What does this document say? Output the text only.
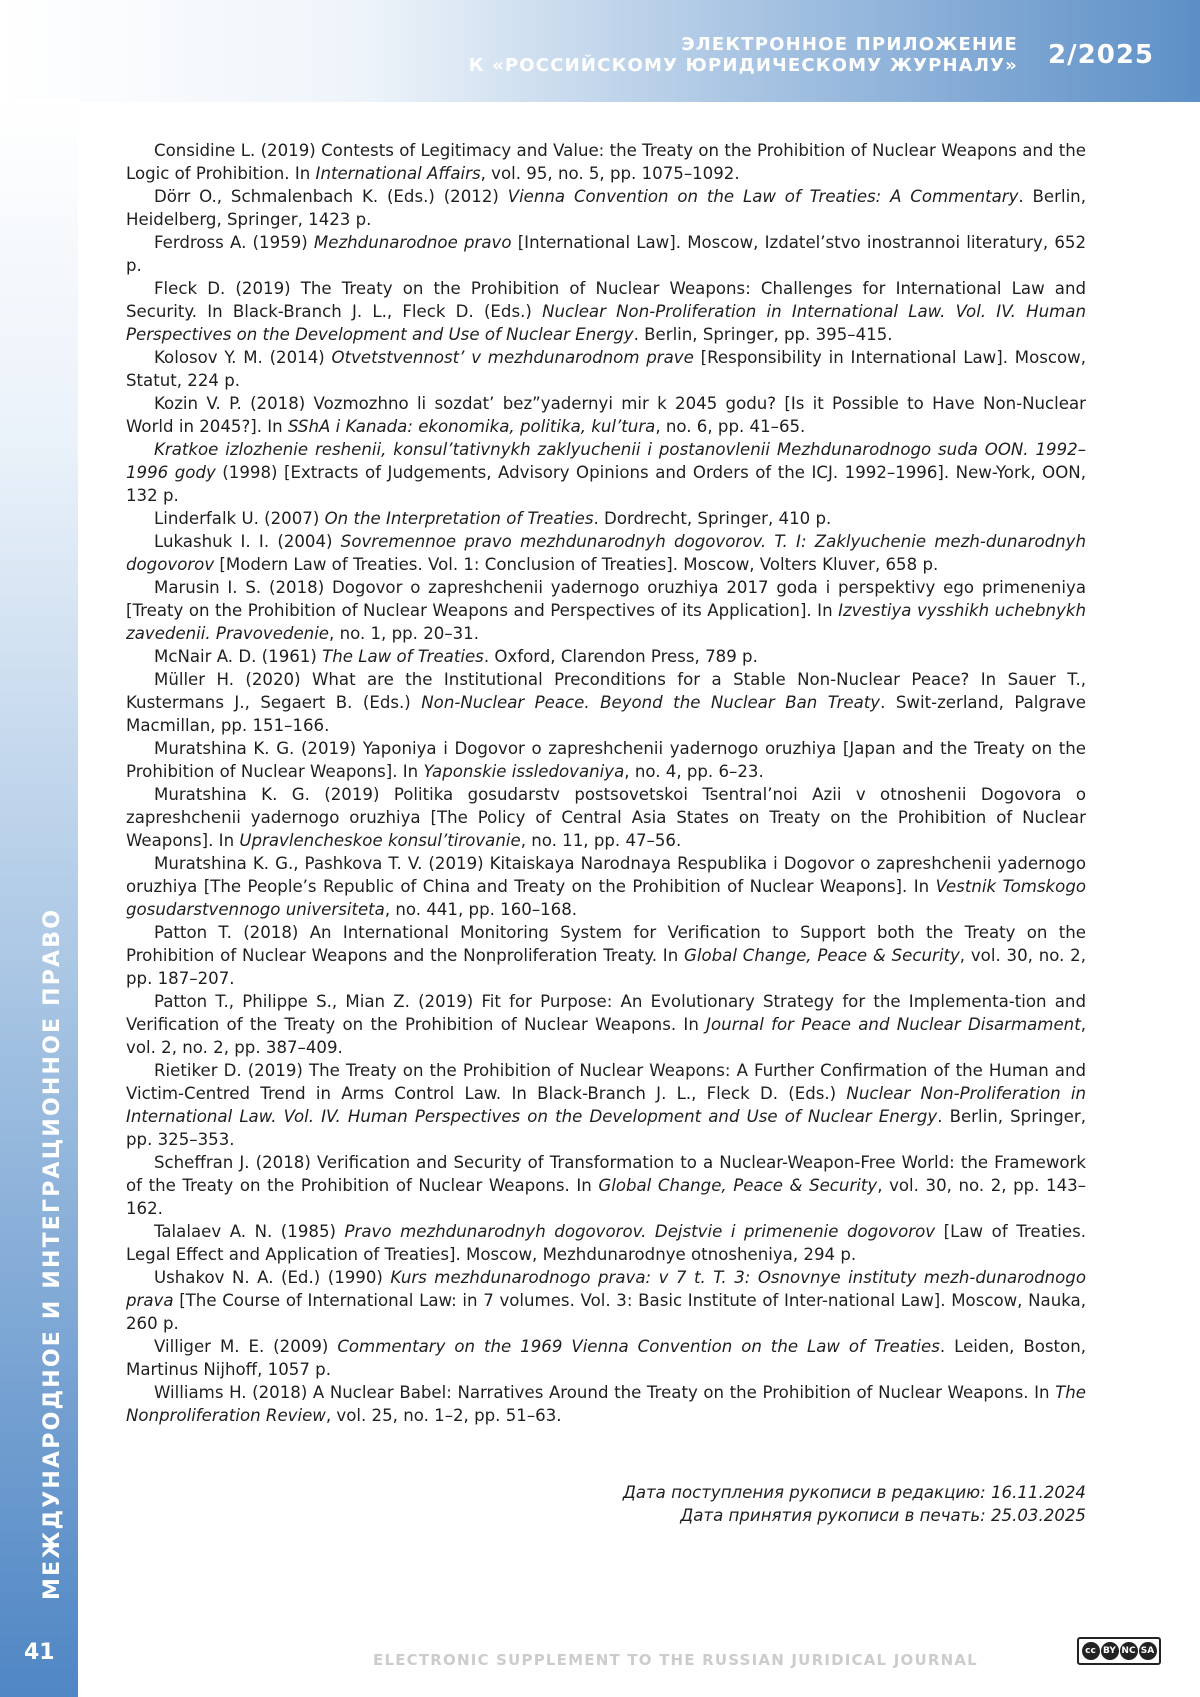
ЭЛЕКТРОННОЕ ПРИЛОЖЕНИЕ
К «РОССИЙСКОМУ ЮРИДИЧЕСКОМУ ЖУРНАЛУ» 2/2025
МЕЖДУНАРОДНОЕ И ИНТЕГРАЦИОННОЕ ПРАВО
41

Considine L. (2019) Contests of Legitimacy and Value: the Treaty on the Prohibition of Nuclear Weapons and the Logic of Prohibition. In International Affairs, vol. 95, no. 5, pp. 1075–1092.

Dörr O., Schmalenbach K. (Eds.) (2012) Vienna Convention on the Law of Treaties: A Commentary. Berlin, Heidelberg, Springer, 1423 p.

Ferdross A. (1959) Mezhdunarodnoe pravo [International Law]. Moscow, Izdatel’stvo inostrannoi literatury, 652 p.

Fleck D. (2019) The Treaty on the Prohibition of Nuclear Weapons: Challenges for International Law and Security. In Black-Branch J. L., Fleck D. (Eds.) Nuclear Non-Proliferation in International Law. Vol. IV. Human Perspectives on the Development and Use of Nuclear Energy. Berlin, Springer, pp. 395–415.

Kolosov Y. M. (2014) Otvetstvennost’ v mezhdunarodnom prave [Responsibility in International Law]. Moscow, Statut, 224 p.

Kozin V. P. (2018) Vozmozhno li sozdat’ bez”yadernyi mir k 2045 godu? [Is it Possible to Have Non-Nuclear World in 2045?]. In SShA i Kanada: ekonomika, politika, kul’tura, no. 6, pp. 41–65.

Kratkoe izlozhenie reshenii, konsul’tativnykh zaklyuchenii i postanovlenii Mezhdunarodnogo suda OON. 1992–1996 gody (1998) [Extracts of Judgements, Advisory Opinions and Orders of the ICJ. 1992–1996]. New-York, OON, 132 p.

Linderfalk U. (2007) On the Interpretation of Treaties. Dordrecht, Springer, 410 p.

Lukashuk I. I. (2004) Sovremennoe pravo mezhdunarodnyh dogovorov. T. I: Zaklyuchenie mezh-dunarodnyh dogovorov [Modern Law of Treaties. Vol. 1: Conclusion of Treaties]. Moscow, Volters Kluver, 658 p.

Marusin I. S. (2018) Dogovor o zapreshchenii yadernogo oruzhiya 2017 goda i perspektivy ego primeneniya [Treaty on the Prohibition of Nuclear Weapons and Perspectives of its Application]. In Izvestiya vysshikh uchebnykh zavedenii. Pravovedenie, no. 1, pp. 20–31.

McNair A. D. (1961) The Law of Treaties. Oxford, Clarendon Press, 789 p.

Müller H. (2020) What are the Institutional Preconditions for a Stable Non-Nuclear Peace? In Sauer T., Kustermans J., Segaert B. (Eds.) Non-Nuclear Peace. Beyond the Nuclear Ban Treaty. Swit-zerland, Palgrave Macmillan, pp. 151–166.

Muratshina K. G. (2019) Yaponiya i Dogovor o zapreshchenii yadernogo oruzhiya [Japan and the Treaty on the Prohibition of Nuclear Weapons]. In Yaponskie issledovaniya, no. 4, pp. 6–23.

Muratshina K. G. (2019) Politika gosudarstv postsovetskoi Tsentral’noi Azii v otnoshenii Dogovora o zapreshchenii yadernogo oruzhiya [The Policy of Central Asia States on Treaty on the Prohibition of Nuclear Weapons]. In Upravlencheskoe konsul’tirovanie, no. 11, pp. 47–56.

Muratshina K. G., Pashkova T. V. (2019) Kitaiskaya Narodnaya Respublika i Dogovor o zapreshchenii yadernogo oruzhiya [The People’s Republic of China and Treaty on the Prohibition of Nuclear Weapons]. In Vestnik Tomskogo gosudarstvennogo universiteta, no. 441, pp. 160–168.

Patton T. (2018) An International Monitoring System for Verification to Support both the Treaty on the Prohibition of Nuclear Weapons and the Nonproliferation Treaty. In Global Change, Peace & Security, vol. 30, no. 2, pp. 187–207.

Patton T., Philippe S., Mian Z. (2019) Fit for Purpose: An Evolutionary Strategy for the Implementa-tion and Verification of the Treaty on the Prohibition of Nuclear Weapons. In Journal for Peace and Nuclear Disarmament, vol. 2, no. 2, pp. 387–409.

Rietiker D. (2019) The Treaty on the Prohibition of Nuclear Weapons: A Further Confirmation of the Human and Victim-Centred Trend in Arms Control Law. In Black-Branch J. L., Fleck D. (Eds.) Nuclear Non-Proliferation in International Law. Vol. IV. Human Perspectives on the Development and Use of Nuclear Energy. Berlin, Springer, pp. 325–353.

Scheffran J. (2018) Verification and Security of Transformation to a Nuclear-Weapon-Free World: the Framework of the Treaty on the Prohibition of Nuclear Weapons. In Global Change, Peace & Security, vol. 30, no. 2, pp. 143–162.

Talalaev A. N. (1985) Pravo mezhdunarodnyh dogovorov. Dejstvie i primenenie dogovorov [Law of Treaties. Legal Effect and Application of Treaties]. Moscow, Mezhdunarodnye otnosheniya, 294 p.

Ushakov N. A. (Ed.) (1990) Kurs mezhdunarodnogo prava: v 7 t. T. 3: Osnovnye instituty mezh-dunarodnogo prava [The Course of International Law: in 7 volumes. Vol. 3: Basic Institute of Inter-national Law]. Moscow, Nauka, 260 p.

Villiger M. E. (2009) Commentary on the 1969 Vienna Convention on the Law of Treaties. Leiden, Boston, Martinus Nijhoff, 1057 p.

Williams H. (2018) A Nuclear Babel: Narratives Around the Treaty on the Prohibition of Nuclear Weapons. In The Nonproliferation Review, vol. 25, no. 1–2, pp. 51–63.

Дата поступления рукописи в редакцию: 16.11.2024
Дата принятия рукописи в печать: 25.03.2025
ELECTRONIC SUPPLEMENT TO THE RUSSIAN JURIDICAL JOURNAL	cc BY NC SA
